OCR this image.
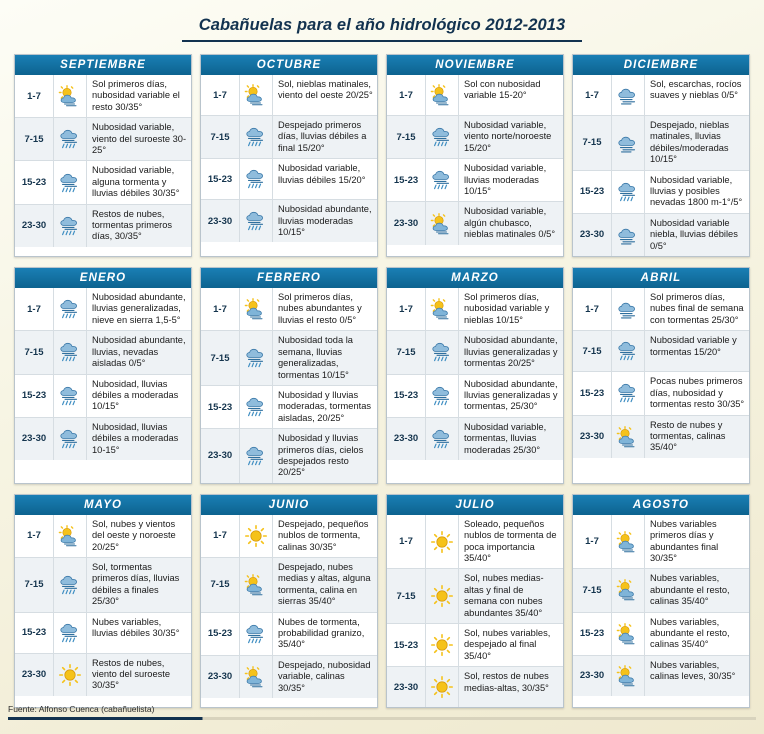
Cabañuelas para el año hidrológico 2012-2013
SEPTIEMBRE
1-7
Sol primeros días, nubosidad variable el resto 30/35°
7-15
Nubosidad variable, viento del suroeste 30-25°
15-23
Nubosidad variable, alguna tormenta y lluvias débiles 30/35°
23-30
Restos de nubes, tormentas primeros días, 30/35°
OCTUBRE
1-7
Sol, nieblas matinales, viento del oeste 20/25°
7-15
Despejado primeros días, lluvias débiles a final 15/20°
15-23
Nubosidad variable, lluvias débiles 15/20°
23-30
Nubosidad abundante, lluvias moderadas 10/15°
NOVIEMBRE
1-7
Sol con nubosidad variable 15-20°
7-15
Nubosidad variable, viento norte/noroeste 15/20°
15-23
Nubosidad variable, lluvias moderadas 10/15°
23-30
Nubosidad variable, algún chubasco, nieblas matinales 0/5°
DICIEMBRE
1-7
Sol, escarchas, rocíos suaves y nieblas 0/5°
7-15
Despejado, nieblas matinales, lluvias débiles/moderadas 10/15°
15-23
Nubosidad variable, lluvias y posibles nevadas 1800 m-1°/5°
23-30
Nubosidad variable niebla, lluvias débiles 0/5°
ENERO
1-7
Nubosidad abundante, lluvias generalizadas, nieve en sierra 1,5-5°
7-15
Nubosidad abundante, lluvias, nevadas aisladas 0/5°
15-23
Nubosidad, lluvias débiles a moderadas 10/15°
23-30
Nubosidad, lluvias débiles a moderadas 10-15°
FEBRERO
1-7
Sol primeros días, nubes abundantes y lluvias el resto 0/5°
7-15
Nubosidad toda la semana, lluvias generalizadas, tormentas 10/15°
15-23
Nubosidad y lluvias moderadas, tormentas aisladas, 20/25°
23-30
Nubosidad y lluvias primeros días, cielos despejados resto 20/25°
MARZO
1-7
Sol primeros días, nubosidad variable y nieblas 10/15°
7-15
Nubosidad abundante, lluvias generalizadas y tormentas 20/25°
15-23
Nubosidad abundante, lluvias generalizadas y tormentas, 25/30°
23-30
Nubosidad variable, tormentas, lluvias moderadas 25/30°
ABRIL
1-7
Sol primeros días, nubes final de semana con tormentas 25/30°
7-15
Nubosidad variable y tormentas 15/20°
15-23
Pocas nubes primeros días, nubosidad y tormentas resto 30/35°
23-30
Resto de nubes y tormentas, calinas 35/40°
MAYO
1-7
Sol, nubes y vientos del oeste y noroeste 20/25°
7-15
Sol, tormentas primeros días, lluvias débiles a finales 25/30°
15-23
Nubes variables, lluvias débiles 30/35°
23-30
Restos de nubes, viento del suroeste 30/35°
JUNIO
1-7
Despejado, pequeños nublos de tormenta, calinas 30/35°
7-15
Despejado, nubes medias y altas, alguna tormenta, calina en sierras 35/40°
15-23
Nubes de tormenta, probabilidad granizo, 35/40°
23-30
Despejado, nubosidad variable, calinas 30/35°
JULIO
1-7
Soleado, pequeños nublos de tormenta de poca importancia 35/40°
7-15
Sol, nubes medias-altas y final de semana con nubes abundantes 35/40°
15-23
Sol, nubes variables, despejado al final 35/40°
23-30
Sol, restos de nubes medias-altas, 30/35°
AGOSTO
1-7
Nubes variables primeros días y abundantes final 30/35°
7-15
Nubes variables, abundante el resto, calinas 35/40°
15-23
Nubes variables, abundante el resto, calinas 35/40°
23-30
Nubes variables, calinas leves, 30/35°
Fuente: Alfonso Cuenca (cabañuelista)
